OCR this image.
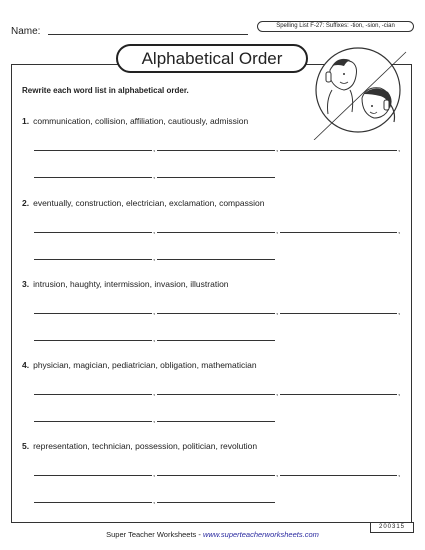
Name:	Spelling List F-27: Suffixes: -tion, -sion, -cian
Alphabetical Order
Rewrite each word list in alphabetical order.
1. communication, collision, affiliation, cautiously, admission
,	,	,
,
2. eventually, construction, electrician, exclamation, compassion
,	,	,
,
3. intrusion, haughty, intermission, invasion, illustration
,	,	,
,
4. physician, magician, pediatrician, obligation, mathematician
,	,	,
,
5. representation, technician, possession, politician, revolution
,	,	,
,
Super Teacher Worksheets - www.superteacherworksheets.com
200315
